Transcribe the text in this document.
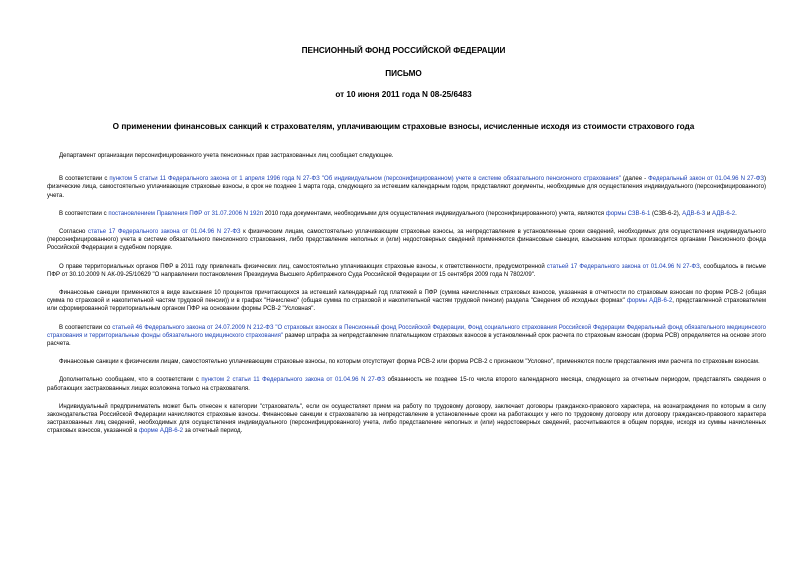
ПЕНСИОННЫЙ ФОНД РОССИЙСКОЙ ФЕДЕРАЦИИ
ПИСЬМО
от 10 июня 2011 года N 08-25/6483
О применении финансовых санкций к страхователям, уплачивающим страховые взносы, исчисленные исходя из стоимости страхового года

Департамент организации персонифицированного учета пенсионных прав застрахованных лиц сообщает следующее.

В соответствии с пунктом 5 статьи 11 Федерального закона от 1 апреля 1996 года N 27-ФЗ "Об индивидуальном (персонифицированном) учете в системе обязательного пенсионного страхования" (далее - Федеральный закон от 01.04.96 N 27-ФЗ) физические лица, самостоятельно уплачивающие страховые взносы, в срок не позднее 1 марта года, следующего за истекшим календарным годом, представляют документы, необходимые для осуществления индивидуального (персонифицированного) учета.

В соответствии с постановлением Правления ПФР от 31.07.2006 N 192п 2010 года документами, необходимыми для осуществления индивидуального (персонифицированного) учета, являются формы СЗВ-6-1 (СЗВ-6-2), АДВ-6-3 и АДВ-6-2.

Согласно статье 17 Федерального закона от 01.04.96 N 27-ФЗ к физическим лицам, самостоятельно уплачивающим страховые взносы, за непредставление в установленные сроки сведений, необходимых для осуществления индивидуального (персонифицированного) учета в системе обязательного пенсионного страхования, либо представление неполных и (или) недостоверных сведений применяются финансовые санкции, взыскание которых производится органами Пенсионного фонда Российской Федерации в судебном порядке.

О праве территориальных органов ПФР в 2011 году привлекать физических лиц, самостоятельно уплачивающих страховые взносы, к ответственности, предусмотренной статьей 17 Федерального закона от 01.04.96 N 27-ФЗ, сообщалось в письме ПФР от 30.10.2009 N АК-09-25/10629 "О направлении постановления Президиума Высшего Арбитражного Суда Российской Федерации от 15 сентября 2009 года N 7802/09".

Финансовые санкции применяются в виде взыскания 10 процентов причитающихся за истекший календарный год платежей в ПФР (сумма начисленных страховых взносов, указанная в отчетности по страховым взносам по форме РСВ-2 (общая сумма по страховой и накопительной частям трудовой пенсии)) и в графах "Начислено" (общая сумма по страховой и накопительной частям трудовой пенсии) раздела "Сведения об исходных формах" формы АДВ-6-2, представленной страхователем или сформированной территориальным органом ПФР на основании формы РСВ-2 "Условная".

В соответствии со статьей 46 Федерального закона от 24.07.2009 N 212-ФЗ "О страховых взносах в Пенсионный фонд Российской Федерации, Фонд социального страхования Российской Федерации Федеральный фонд обязательного медицинского страхования и территориальные фонды обязательного медицинского страхования" размер штрафа за непредставление плательщиком страховых взносов в установленный срок расчета по страховым взносам (форма РСВ) определяется на основе этого расчета.

Финансовые санкции к физическим лицам, самостоятельно уплачивающим страховые взносы, по которым отсутствует форма РСВ-2 или форма РСВ-2 с признаком "Условно", применяются после представления ими расчета по страховым взносам.

Дополнительно сообщаем, что в соответствии с пунктом 2 статьи 11 Федерального закона от 01.04.96 N 27-ФЗ обязанность не позднее 15-го числа второго календарного месяца, следующего за отчетным периодом, представлять сведения о работающих застрахованных лицах возложена только на страхователя.

Индивидуальный предприниматель может быть отнесен к категории "страхователь", если он осуществляет прием на работу по трудовому договору, заключает договоры гражданско-правового характера, на вознаграждения по которым в силу законодательства Российской Федерации начисляются страховые взносы. Финансовые санкции к страхователю за непредставление в установленные сроки на работающих у него по трудовому договору или договору гражданско-правового характера застрахованных лиц сведений, необходимых для осуществления индивидуального (персонифицированного) учета, либо представление неполных и (или) недостоверных сведений, рассчитываются в общем порядке, исходя из суммы начисленных страховых взносов, указанной в форме АДВ-6-2 за отчетный период.
